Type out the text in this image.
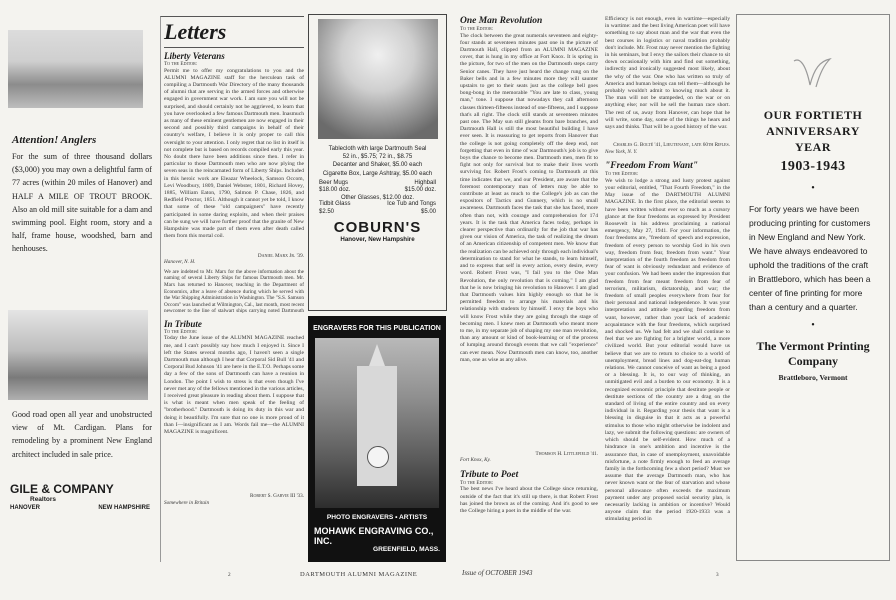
Attention! Anglers
For the sum of three thousand dollars ($3,000) you may own a delightful farm of 77 acres (within 20 miles of Hanover) and HALF A MILE OF TROUT BROOK. Also an old mill site suitable for a dam and swimming pool. Eight room, story and a half, frame house, woodshed, barn and henhouses.
Good road open all year and unobstructed view of Mt. Cardigan. Plans for remodeling by a prominent New England architect included in sale price.
GILE & COMPANY
Realtors
HANOVER	NEW HAMPSHIRE
2
Letters
Liberty Veterans
To the Editor:
Permit me to offer my congratulations to you and the ALUMNI MAGAZINE staff for the herculean task of compiling a Dartmouth War Directory of the many thousands of alumni that are serving in the armed forces and otherwise engaged in government war work. I am sure you will not be surprised, and should certainly not be aggrieved, to learn that you have overlooked a few famous Dartmouth men. Inasmuch as many of these eminent gentlemen are now engaged in their second and possibly third campaigns in behalf of their country's welfare, I believe it is only proper to call this oversight to your attention. I only regret that no list in itself is not complete but is based on records compiled early this year. No doubt there have been additions since then. I refer in particular to those Dartmouth men who are now plying the seven seas in the reincarnated form of Liberty Ships. Included in this heroic work are Eleazar Wheelock, Samson Occom, Levi Woodbury, 1809, Daniel Webster, 1801, Richard Hovey, 1885, William Eaton, 1790, Salmon P. Chase, 1826, and Redfield Proctor, 1851. Although it cannot yet be told, I know that some of these "old campaigners" have recently participated in some daring exploits, and when their praises can be sung we will have further proof that the granite of New Hampshire was made part of them even after death called them from this mortal coil.
Daniel Marx Jr. '39.
Hanover, N. H.
We are indebted to Mr. Marx for the above information about the naming of several Liberty Ships for famous Dartmouth men. Mr. Marx has returned to Hanover, teaching in the Department of Economics, after a leave of absence during which he served with the War Shipping Administration in Washington. The "S.S. Samson Occom" was launched at Wilmington, Cal., last month, most recent newcomer to the line of stalwart ships carrying noted Dartmouth
In Tribute
To the Editor:
Today the June issue of the ALUMNI MAGAZINE reached me, and I can't possibly say how much I enjoyed it. Since I left the States several months ago, I haven't seen a single Dartmouth man although I hear that Corporal Sid Bull '41 and Corporal Bud Johnson '41 are here in the E.T.O. Perhaps some day a few of the sons of Dartmouth can have a reunion in London. The point I wish to stress is that even though I've never met any of the fellows mentioned in the various articles, I received great pleasure in reading about them. I suppose that is what is meant when men speak of the feeling of "brotherhood." Dartmouth is doing its duty in this war and doing it beautifully. I'm sure that no one is more proud of it than I—insignificant as I am. Words fail me—the ALUMNI MAGAZINE is magnificent.
Robert S. Garvie III '33.
Somewhere in Britain
Tablecloth with large Dartmouth Seal
52 in., $5.75; 72 in., $8.75
Decanter and Shaker, $5.00 each
Cigarette Box, Large Ashtray, $5.00 each
Beer Mugs
$18.00 doz.
Highball
$15.00 doz.
Other Glasses, $12.00 doz.
Tidbit Glass
$2.50
Ice Tub and Tongs
$5.00
COBURN'S
Hanover, New Hampshire
ENGRAVERS FOR THIS PUBLICATION
PHOTO ENGRAVERS • ARTISTS
MOHAWK ENGRAVING CO., INC.
GREENFIELD, MASS.
DARTMOUTH ALUMNI MAGAZINE
One Man Revolution
To the Editor:
The clock between the great numerals seventeen and eighty-four stands at seventeen minutes past one in the picture of Dartmouth Hall, clipped from an ALUMNI MAGAZINE cover, that is hung in my office at Fort Knox. It is spring in the picture, for two of the men on the Dartmouth steps carry Senior canes. They have just heard the change rung on the Baker bells and in a few minutes more they will saunter upstairs to get to their seats just as the college bell goes bong-bong in the memorable "You are late to class, young man," tone. I suppose that nowadays they call afternoon classes thirteen-fifteens instead of one-fifteens, and I suppose that's all right. The clock still stands at seventeen minutes past one. The May sun still gleams from bare branches, and Dartmouth Hall is still the most beautiful building I have ever seen. It is reassuring to get reports from Hanover that the college is not going completely off the deep end, not forgetting that even in time of war Dartmouth's job is to give boys the chance to become men. Dartmouth men, men fit to fight not only for survival but to make their lives worth surviving for. Robert Frost's coming to Dartmouth at this time indicates that we, and our President, are aware that the foremost contemporary man of letters may be able to contribute at least as much to the College's job as can the expositors of Tactics and Gunnery, which is no small awareness. Dartmouth faces the task that she has faced, more often than not, with courage and comprehension for 174 years. It is the task that America faces today, perhaps in clearer perspective than ordinarily for the job that war has given our vision of America, the task of realizing the dream of an American citizenship of competent men. We know that the realization can be achieved only through each individual's determination to stand for what he stands, to learn himself, and to express that self in every action, every desire, every word. Robert Frost was, "I fail you to the One Man Revolution, the only revolution that is coming." I am glad that he is now bringing his revolution to Hanover. I am glad that Dartmouth values him highly enough so that he is permitted freedom to arrange his materials and his relationship with students by himself. I envy the boys who will know Frost while they are going through the stage of becoming men. I knew men at Dartmouth who meant more to me, in my separate job of shaping my one man revolution, than any amount or kind of book-learning or of the process of lumping around through events that we call "experience" can ever mean. Now Dartmouth men can know, too, another man, one as wise as any alive.
Thomson H. Littlefield '41.
Fort Knox, Ky.
Tribute to Poet
To the Editor:
The best news I've heard about the College since returning, outside of the fact that it's still up there, is that Robert Frost has joined the brown as of the coming. And it's good to see the College hiring a poet in the middle of the war.
Efficiency is not enough, even in wartime—especially in wartime: and the best living American poet will have something to say about man and the war that even the best courses in logistics or naval tradition probably don't include. Mr. Frost may never mention the fighting in his seminars, but I envy the sailors their chance to sit down occasionally with him and find out something, indirectly and ironically suggested most likely, about the why of the war. One who has written so truly of America and human beings can tell them—although he probably wouldn't admit to knowing much about it. The man will not be stampeded, on the war or on anything else; nor will he sell the human race short. The rest of us, away from Hanover, can hope that he will write, some day, some of the things he hears and says and thinks. That will be a good history of the war.
Charles G. Bolté '41, Lieutenant, late 60th Rifles.
New York, N. Y.
"Freedom From Want"
To the Editor:
We wish to lodge a strong and lusty protest against your editorial, entitled, "That Fourth Freedom," in the May issue of the DARTMOUTH ALUMNI MAGAZINE. In the first place, the editorial seems to have been written without ever so much as a cursory glance at the four freedoms as expressed by President Roosevelt in his address proclaiming a national emergency, May 27, 1941. For your information, the four freedoms are, "freedom of speech and expression, freedom of every person to worship God in his own way, freedom from fear, freedom from want." Your interpretation of the fourth freedom as freedom from fear of want is obviously redundant and evidence of your confusion. We had been under the impression that freedom from fear meant freedom from fear of terrorism, militarism, dictatorship, and war; the freedom of small peoples everywhere from fear for their personal and national independence. It was your interpretation and attitude regarding freedom from want, however, rather than your lack of academic acquaintance with the four freedoms, which surprised and shocked us. We had felt and we shall continue to feel that we are fighting for a brighter world, a more civilized world. But your editorial would have us believe that we are to return to choice to a world of unemployment, bread lines and dog-eat-dog human relations. We cannot conceive of want as being a good or a blessing. It is, to our way of thinking, an unmitigated evil and a burden to our economy. It is a recognized economic principle that destitute people or destitute sections of the country are a drag on the standard of living of the entire country and on every individual in it. Regarding your thesis that want is a blessing in disguise in that it acts as a powerful stimulus to those who might otherwise be indolent and lazy, we submit the following questions: are owners of which should be self-evident. How much of a hindrance in one's ambition and incentive is the assurance that, in case of unemployment, unavoidable misfortune, a note firmly enough to feed an average family in the forthcoming few a short period? Must we assume that the average Dartmouth man, who has never known want or the fear of starvation and whose personal allowance often exceeds the maximum payment under any proposed social security plan, is necessarily lacking in ambition or incentive? Would anyone claim that the period 1920-1933 was a stimulating period in
Issue of OCTOBER 1943	3
OUR FORTIETH
ANNIVERSARY
YEAR
1903-1943
•
For forty years we have been producing printing for customers in New England and New York. We have always endeavored to uphold the traditions of the craft in Brattleboro, which has been a center of fine printing for more than a century and a quarter.
•
The Vermont Printing Company
Brattleboro, Vermont
